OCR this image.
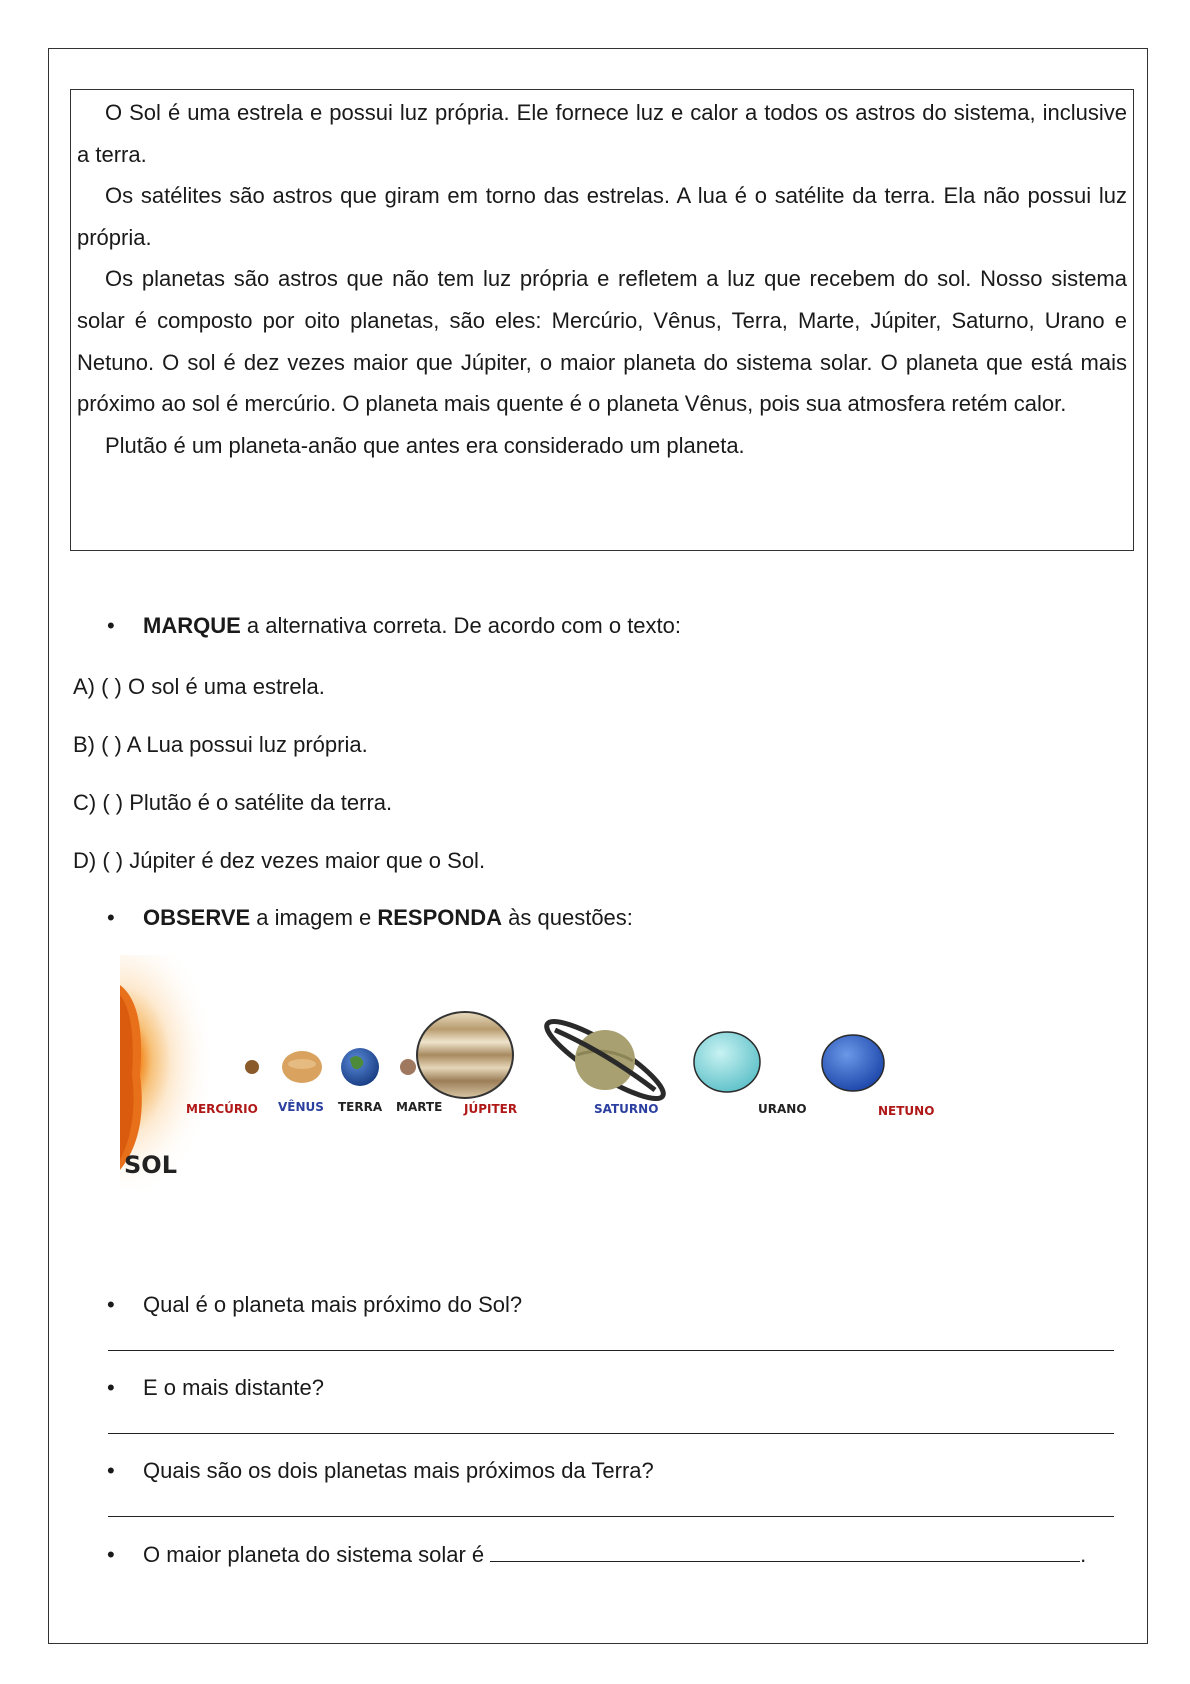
O Sol é uma estrela e possui luz própria. Ele fornece luz e calor a todos os astros do sistema, inclusive a terra.

Os satélites são astros que giram em torno das estrelas. A lua é o satélite da terra. Ela não possui luz própria.

Os planetas são astros que não tem luz própria e refletem a luz que recebem do sol. Nosso sistema solar é composto por oito planetas, são eles: Mercúrio, Vênus, Terra, Marte, Júpiter, Saturno, Urano e Netuno. O sol é dez vezes maior que Júpiter, o maior planeta do sistema solar. O planeta que está mais próximo ao sol é mercúrio. O planeta mais quente é o planeta Vênus, pois sua atmosfera retém calor.

Plutão é um planeta-anão que antes era considerado um planeta.

• MARQUE a alternativa correta. De acordo com o texto:
A) ( ) O sol é uma estrela.
B) ( ) A Lua possui luz própria.
C) ( ) Plutão é o satélite da terra.
D) ( ) Júpiter é dez vezes maior que o Sol.
• OBSERVE a imagem e RESPONDA às questões:
MERCÚRIO VÊNUS TERRA MARTE JÚPITER	SATURNO	URANO	NETUNO
SOL
• Qual é o planeta mais próximo do Sol?
• E o mais distante?
• Quais são os dois planetas mais próximos da Terra?
• O maior planeta do sistema solar é	.
